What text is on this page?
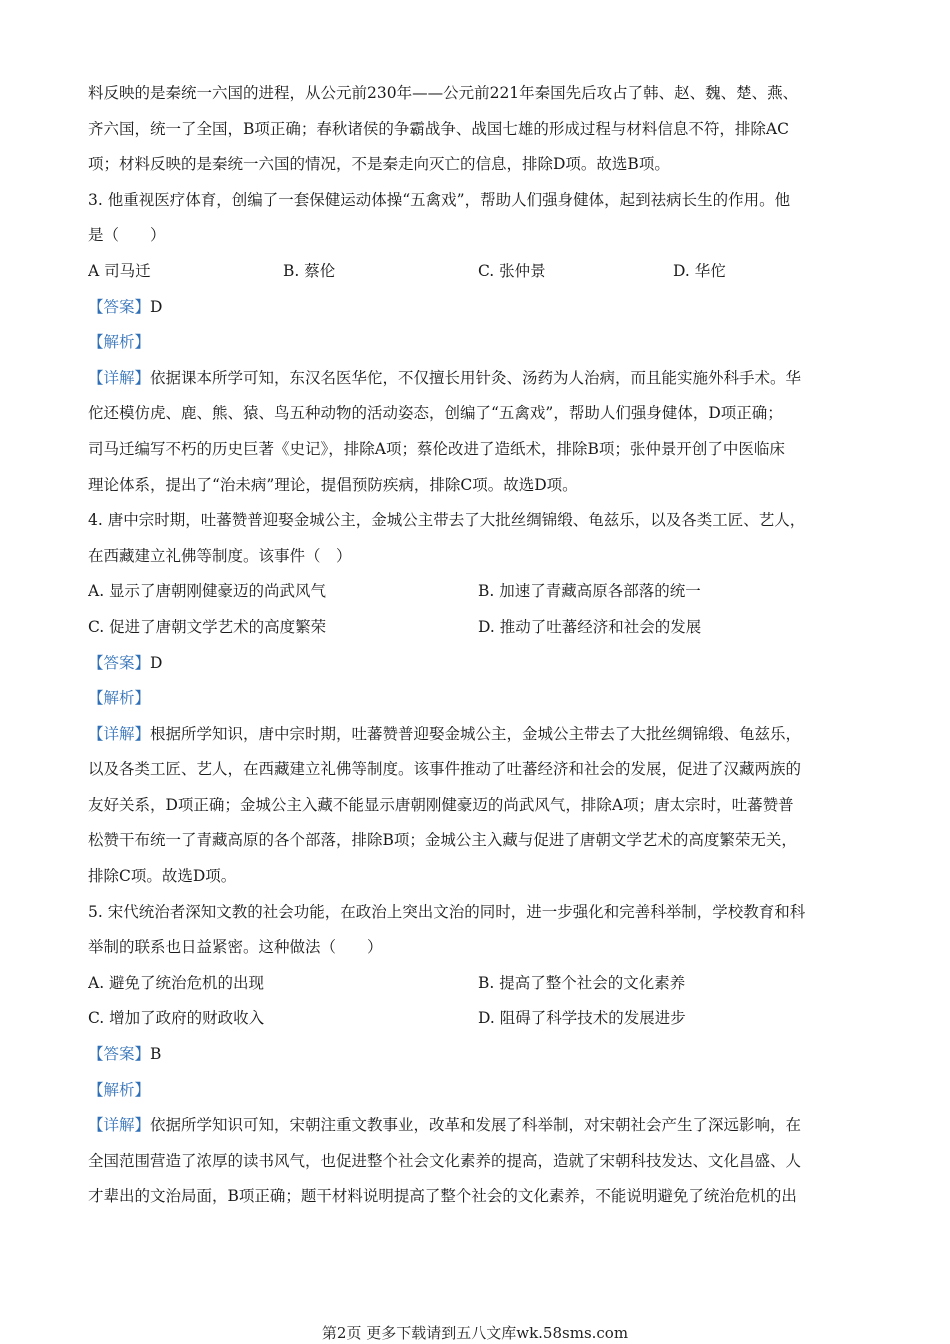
料反映的是秦统一六国的进程，从公元前230年——公元前221年秦国先后攻占了韩、赵、魏、楚、燕、
齐六国，统一了全国，B项正确；春秋诸侯的争霸战争、战国七雄的形成过程与材料信息不符，排除AC
项；材料反映的是秦统一六国的情况，不是秦走向灭亡的信息，排除D项。故选B项。
3. 他重视医疗体育，创编了一套保健运动体操“五禽戏”，帮助人们强身健体，起到祛病长生的作用。他
是（　　）
A 司马迁	B. 蔡伦	C. 张仲景	D. 华佗
【答案】D
【解析】
【详解】依据课本所学可知，东汉名医华佗，不仅擅长用针灸、汤药为人治病，而且能实施外科手术。华
佗还模仿虎、鹿、熊、猿、鸟五种动物的活动姿态，创编了“五禽戏”，帮助人们强身健体，D项正确；
司马迁编写不朽的历史巨著《史记》，排除A项；蔡伦改进了造纸术，排除B项；张仲景开创了中医临床
理论体系，提出了“治未病”理论，提倡预防疾病，排除C项。故选D项。
4. 唐中宗时期，吐蕃赞普迎娶金城公主，金城公主带去了大批丝绸锦缎、龟兹乐，以及各类工匠、艺人，
在西藏建立礼佛等制度。该事件（　）
A. 显示了唐朝刚健豪迈的尚武风气	B. 加速了青藏高原各部落的统一
C. 促进了唐朝文学艺术的高度繁荣	D. 推动了吐蕃经济和社会的发展
【答案】D
【解析】
【详解】根据所学知识，唐中宗时期，吐蕃赞普迎娶金城公主，金城公主带去了大批丝绸锦缎、龟兹乐，
以及各类工匠、艺人，在西藏建立礼佛等制度。该事件推动了吐蕃经济和社会的发展，促进了汉藏两族的
友好关系，D项正确；金城公主入藏不能显示唐朝刚健豪迈的尚武风气，排除A项；唐太宗时，吐蕃赞普
松赞干布统一了青藏高原的各个部落，排除B项；金城公主入藏与促进了唐朝文学艺术的高度繁荣无关，
排除C项。故选D项。
5. 宋代统治者深知文教的社会功能，在政治上突出文治的同时，进一步强化和完善科举制，学校教育和科
举制的联系也日益紧密。这种做法（　　）
A. 避免了统治危机的出现	B. 提高了整个社会的文化素养
C. 增加了政府的财政收入	D. 阻碍了科学技术的发展进步
【答案】B
【解析】
【详解】依据所学知识可知，宋朝注重文教事业，改革和发展了科举制，对宋朝社会产生了深远影响，在
全国范围营造了浓厚的读书风气，也促进整个社会文化素养的提高，造就了宋朝科技发达、文化昌盛、人
才辈出的文治局面，B项正确；题干材料说明提高了整个社会的文化素养，不能说明避免了统治危机的出
第2页 更多下载请到五八文库wk.58sms.com
